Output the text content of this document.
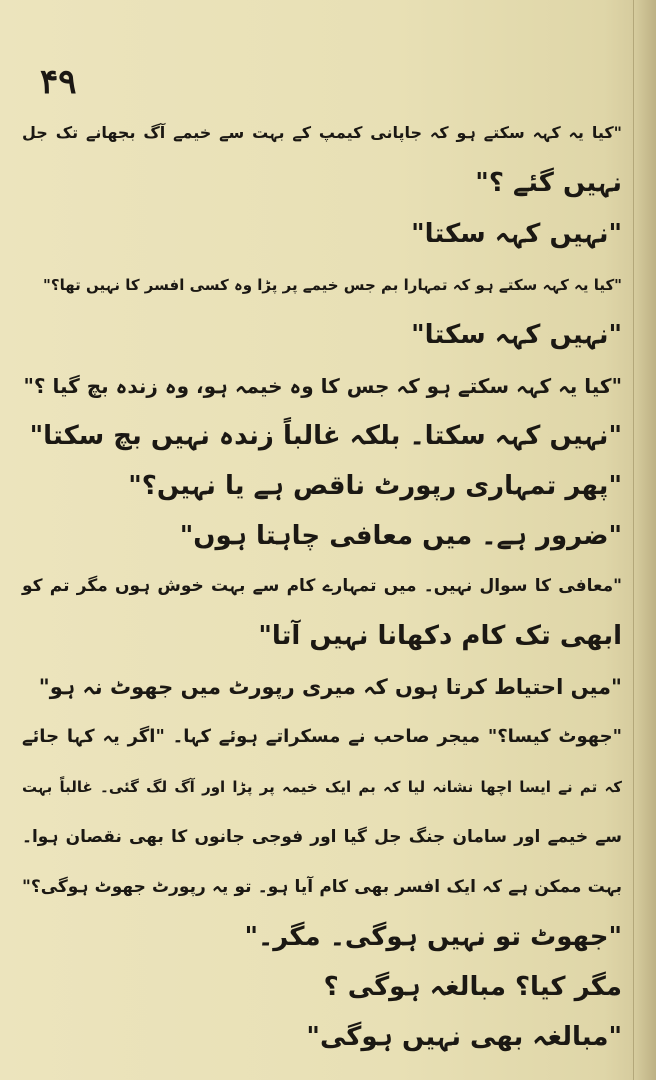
۴۹
"کیا یہ کہہ سکتے ہو کہ جاپانی کیمپ کے بہت سے خیمے آگ بجھانے تک جل
نہیں گئے ؟"
"نہیں کہہ سکتا"
"کیا یہ کہہ سکتے ہو کہ تمہارا بم جس خیمے پر پڑا وہ کسی افسر کا نہیں تھا؟"
"نہیں کہہ سکتا"
"کیا یہ کہہ سکتے ہو کہ جس کا وہ خیمہ ہو، وہ زندہ بچ گیا ؟"
"نہیں کہہ سکتا۔ بلکہ غالباً زندہ نہیں بچ سکتا"
"پھر تمہاری رپورٹ ناقص ہے یا نہیں؟"
"ضرور ہے۔ میں معافی چاہتا ہوں"
"معافی کا سوال نہیں۔ میں تمہارے کام سے بہت خوش ہوں مگر تم کو
ابھی تک کام دکھانا نہیں آتا"
"میں احتیاط کرتا ہوں کہ میری رپورٹ میں جھوٹ نہ ہو"
"جھوٹ کیسا؟" میجر صاحب نے مسکراتے ہوئے کہا۔ "اگر یہ کہا جائے
کہ تم نے ایسا اچھا نشانہ لیا کہ بم ایک خیمہ پر پڑا اور آگ لگ گئی۔ غالباً بہت
سے خیمے اور سامان جنگ جل گیا اور فوجی جانوں کا بھی نقصان ہوا۔
بہت ممکن ہے کہ ایک افسر بھی کام آیا ہو۔ تو یہ رپورٹ جھوٹ ہوگی؟"
"جھوٹ تو نہیں ہوگی۔ مگر۔"
مگر کیا؟ مبالغہ ہوگی ؟
"مبالغہ بھی نہیں ہوگی"
